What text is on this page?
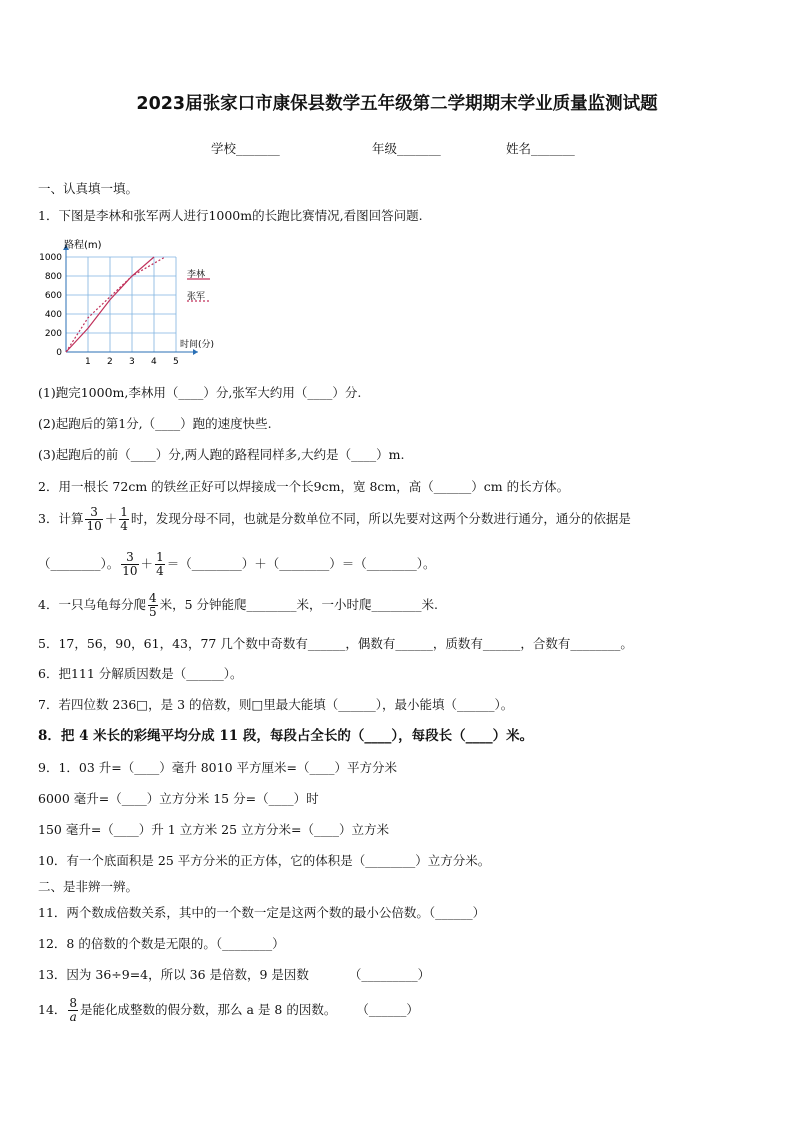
2023届张家口市康保县数学五年级第二学期期末学业质量监测试题
学校_______	年级_______	姓名_______
一、认真填一填。
1．下图是李林和张军两人进行1000m的长跑比赛情况,看图回答问题.
1 2 3 4 5
1000
800
600
400
200
0
路程(m)
时间(分)
李林
张军
(1)跑完1000m,李林用（____）分,张军大约用（____）分.
(2)起跑后的第1分,（____）跑的速度快些.
(3)起跑后的前（____）分,两人跑的路程同样多,大约是（____）m.
2．用一根长 72cm 的铁丝正好可以焊接成一个长9cm，宽 8cm，高（______）cm 的长方体。
3．计算 $\frac{3}{10} + \frac{1}{4}$ 时，发现分母不同，也就是分数单位不同，所以先要对这两个分数进行通分，通分的依据是
（________）。 $\frac{3}{10} + \frac{1}{4}$ ＝（________）＋（________）＝（________）。
4．一只乌龟每分爬 $\frac{4}{5}$ 米，5 分钟能爬________米，一小时爬________米.
5．17，56，90，61，43，77 几个数中奇数有______，偶数有______，质数有______，合数有________。
6．把111 分解质因数是（______）。
7．若四位数 236□，是 3 的倍数，则□里最大能填（______），最小能填（______）。
8．把 4 米长的彩绳平均分成 11 段，每段占全长的（____），每段长（____）米。
9．1．03 升=（____）毫升 8010 平方厘米=（____）平方分米
6000 毫升=（____）立方分米 15 分=（____）时
150 毫升=（____）升 1 立方米 25 立方分米=（____）立方米
10．有一个底面积是 25 平方分米的正方体，它的体积是（________）立方分米。
二、是非辨一辨。
11．两个数成倍数关系，其中的一个数一定是这两个数的最小公倍数。（______）
12．8 的倍数的个数是无限的。（________）
13．因为 36÷9=4，所以 36 是倍数，9 是因数	（_________）
14． $\frac{8}{a}$ 是能化成整数的假分数，那么 a 是 8 的因数。 （______）
